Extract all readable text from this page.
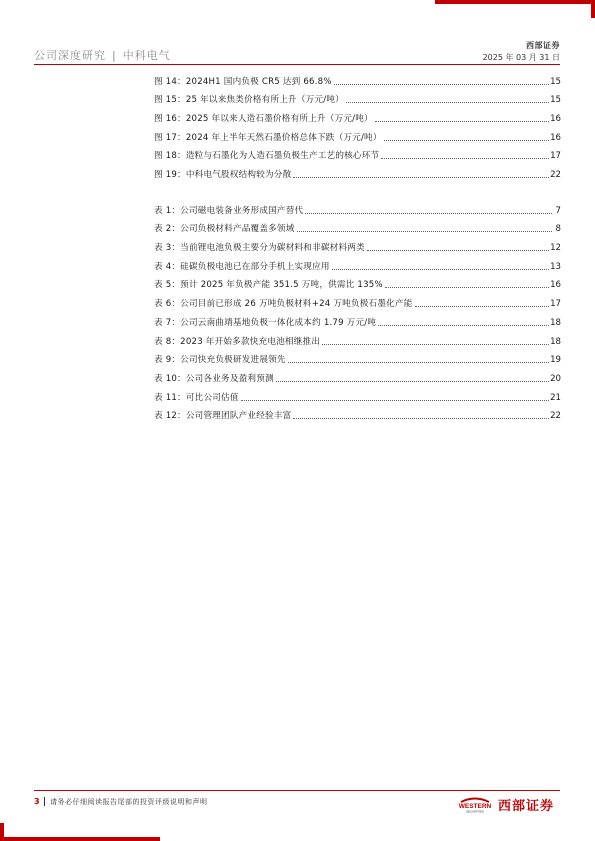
公司深度研究 | 中科电气
西部证券
2025 年 03 月 31 日
图 14：2024H1 国内负极 CR5 达到 66.8%	15
图 15：25 年以来焦类价格有所上升（万元/吨）	15
图 16：2025 年以来人造石墨价格有所上升（万元/吨）	16
图 17：2024 年上半年天然石墨价格总体下跌（万元/吨）	16
图 18：造粒与石墨化为人造石墨负极生产工艺的核心环节	17
图 19：中科电气股权结构较为分散	22
表 1：公司磁电装备业务形成国产替代	7
表 2：公司负极材料产品覆盖多领域	8
表 3：当前锂电池负极主要分为碳材料和非碳材料两类	12
表 4：硅碳负极电池已在部分手机上实现应用	13
表 5：预计 2025 年负极产能 351.5 万吨，供需比 135%	16
表 6：公司目前已形成 26 万吨负极材料+24 万吨负极石墨化产能	17
表 7：公司云南曲靖基地负极一体化成本约 1.79 万元/吨	18
表 8：2023 年开始多款快充电池相继推出	18
表 9：公司快充负极研发进展领先	19
表 10：公司各业务及盈利预测	20
表 11：可比公司估值	21
表 12：公司管理团队产业经验丰富	22
3 请务必仔细阅读报告尾部的投资评级说明和声明	WESTERN
SECURITIES 西部证券
